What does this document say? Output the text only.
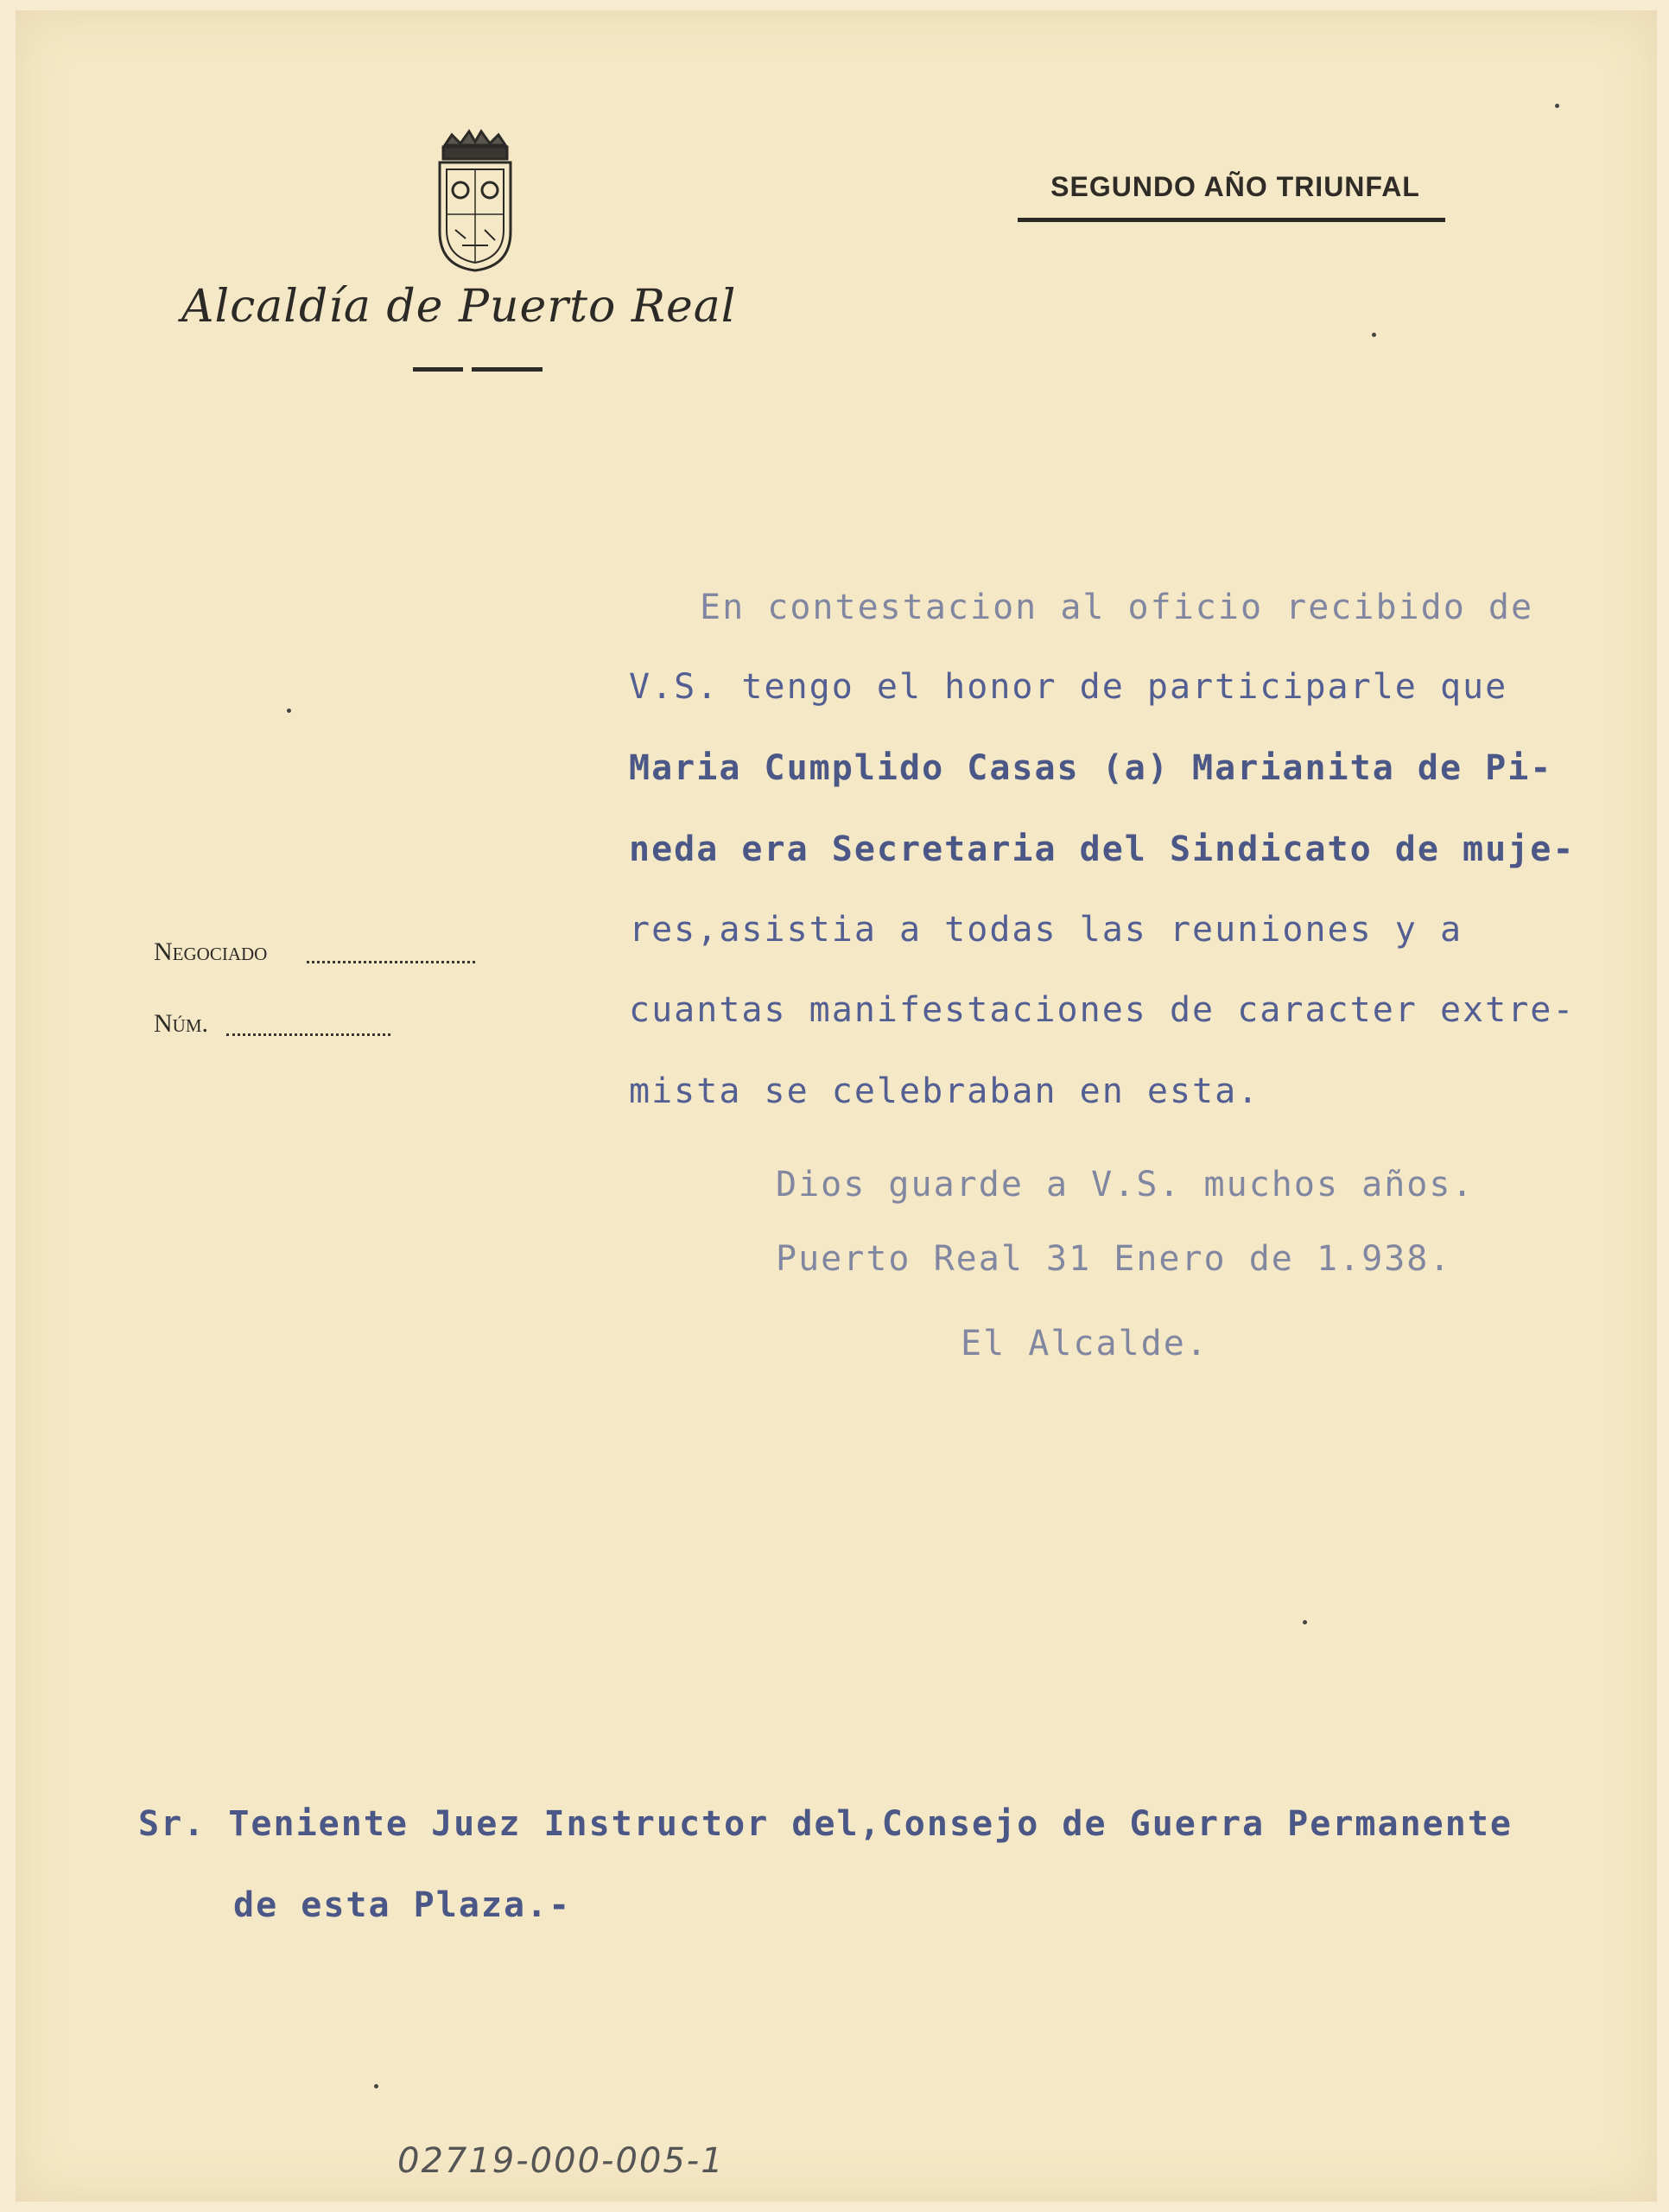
Alcaldía de Puerto Real
SEGUNDO AÑO TRIUNFAL
Negociado
Núm.
En contestacion al oficio recibido de
V.S. tengo el honor de participarle que
Maria Cumplido Casas (a) Marianita de Pi-
neda era Secretaria del Sindicato de muje-
res,asistia a todas las reuniones y a
cuantas manifestaciones de caracter extre-
mista se celebraban en esta.
Dios guarde a V.S. muchos años.
Puerto Real 31 Enero de 1.938.
El Alcalde.
Sr. Teniente Juez Instructor del,Consejo de Guerra Permanente
de esta Plaza.-
02719-000-005-1
